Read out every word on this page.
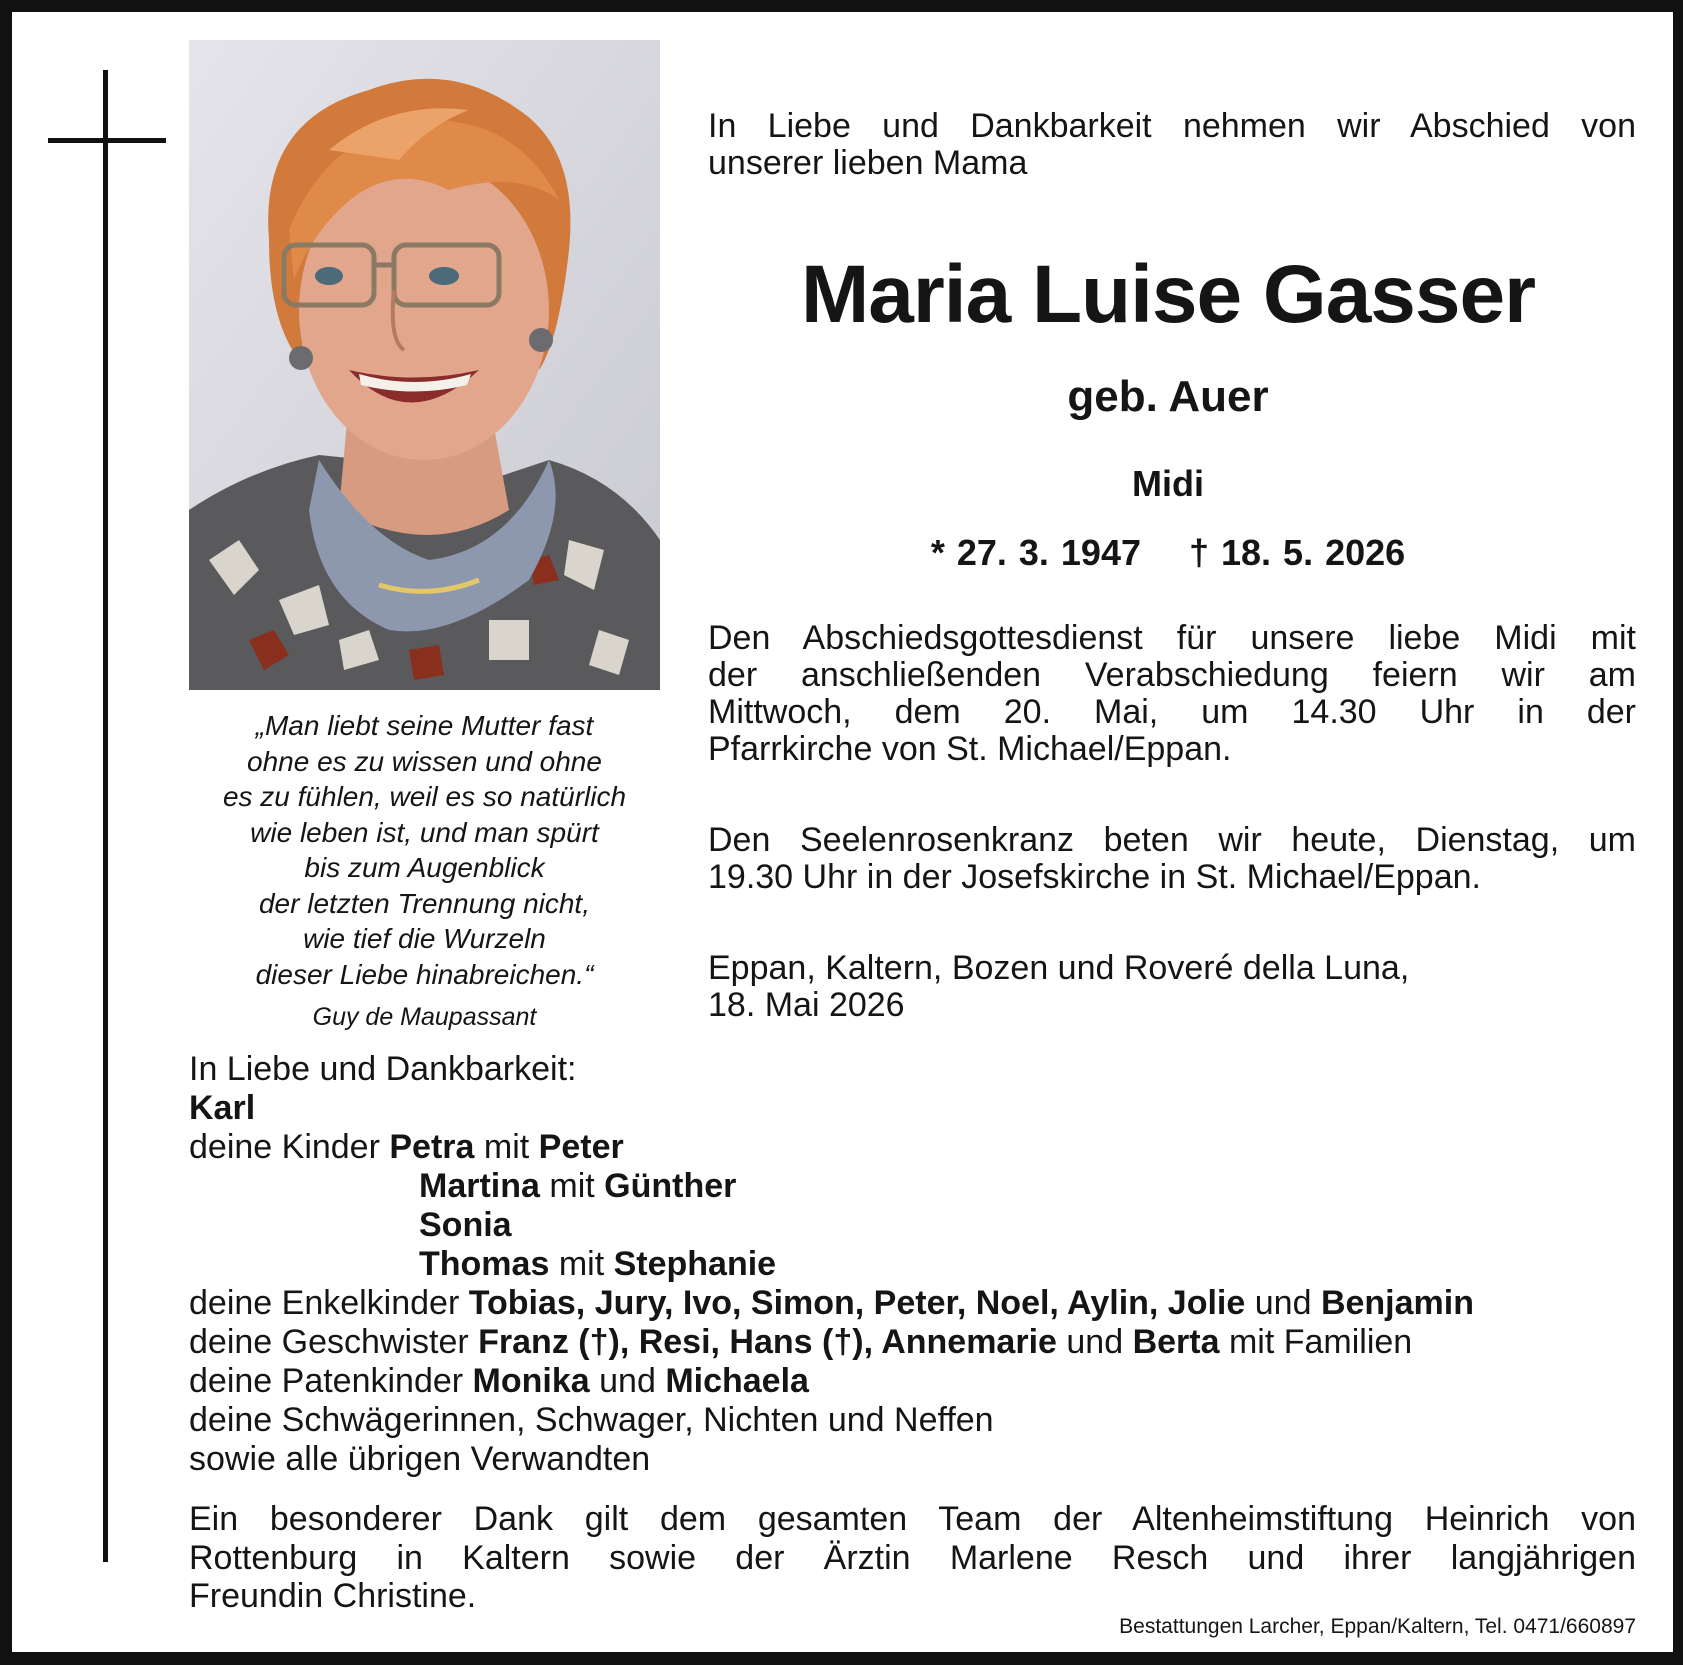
„Man liebt seine Mutter fast
ohne es zu wissen und ohne
es zu fühlen, weil es so natürlich
wie leben ist, und man spürt
bis zum Augenblick
der letzten Trennung nicht,
wie tief die Wurzeln
dieser Liebe hinabreichen.“
Guy de Maupassant
In Liebe und Dankbarkeit nehmen wir Abschied von
unserer lieben Mama
Maria Luise Gasser
geb. Auer
Midi
* 27. 3. 1947 † 18. 5. 2026
Den Abschiedsgottesdienst für unsere liebe Midi mit
der anschließenden Verabschiedung feiern wir am
Mittwoch, dem 20. Mai, um 14.30 Uhr in der
Pfarrkirche von St. Michael/Eppan.
Den Seelenrosenkranz beten wir heute, Dienstag, um
19.30 Uhr in der Josefskirche in St. Michael/Eppan.
Eppan, Kaltern, Bozen und Roveré della Luna,
18. Mai 2026
In Liebe und Dankbarkeit:
Karl
deine Kinder Petra mit Peter
Martina mit Günther
Sonia
Thomas mit Stephanie
deine Enkelkinder Tobias, Jury, Ivo, Simon, Peter, Noel, Aylin, Jolie und Benjamin
deine Geschwister Franz (†), Resi, Hans (†), Annemarie und Berta mit Familien
deine Patenkinder Monika und Michaela
deine Schwägerinnen, Schwager, Nichten und Neffen
sowie alle übrigen Verwandten
Ein besonderer Dank gilt dem gesamten Team der Altenheimstiftung Heinrich von
Rottenburg in Kaltern sowie der Ärztin Marlene Resch und ihrer langjährigen
Freundin Christine.
Bestattungen Larcher, Eppan/Kaltern, Tel. 0471/660897
